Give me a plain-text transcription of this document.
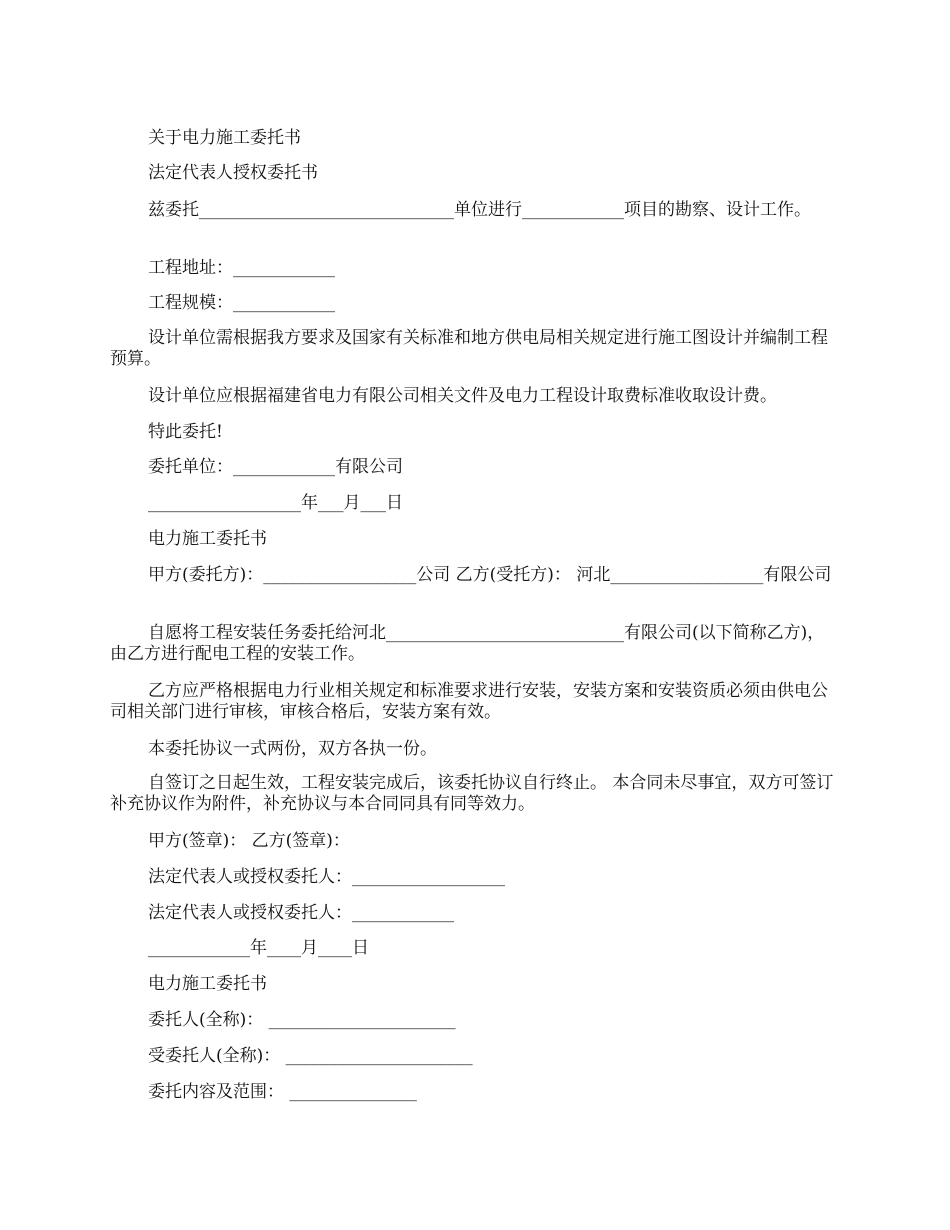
关于电力施工委托书

法定代表人授权委托书

兹委托______________________________单位进行____________项目的勘察、设计工作。

工程地址：____________

工程规模：____________

设计单位需根据我方要求及国家有关标准和地方供电局相关规定进行施工图设计并编制工程预算。

设计单位应根据福建省电力有限公司相关文件及电力工程设计取费标准收取设计费。

特此委托!

委托单位：____________有限公司

__________________年___月___日

电力施工委托书

甲方(委托方)：__________________公司 乙方(受托方)： 河北__________________有限公司

自愿将工程安装任务委托给河北____________________________有限公司(以下简称乙方)，由乙方进行配电工程的安装工作。

乙方应严格根据电力行业相关规定和标准要求进行安装，安装方案和安装资质必须由供电公司相关部门进行审核，审核合格后，安装方案有效。

本委托协议一式两份，双方各执一份。

自签订之日起生效，工程安装完成后，该委托协议自行终止。 本合同未尽事宜，双方可签订补充协议作为附件，补充协议与本合同同具有同等效力。

甲方(签章)： 乙方(签章)：

法定代表人或授权委托人：__________________

法定代表人或授权委托人：____________

____________年____月____日

电力施工委托书

委托人(全称)： ______________________

受委托人(全称)： ______________________

委托内容及范围： _______________
